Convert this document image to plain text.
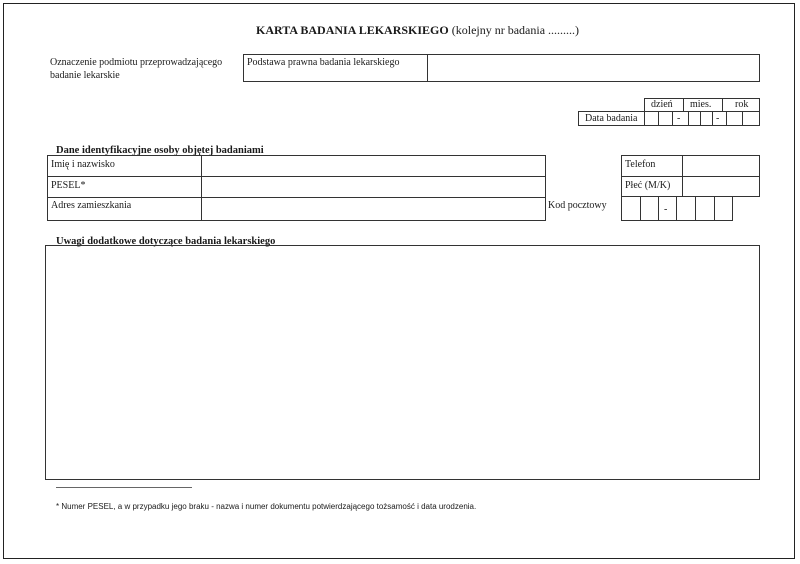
KARTA BADANIA LEKARSKIEGO (kolejny nr badania .........)
Oznaczenie podmiotu przeprowadzającego
badanie lekarskie
Podstawa prawna badania lekarskiego
dzień mies. rok
Data badania	-	-
Dane identyfikacyjne osoby objętej badaniami
Imię i nazwisko
PESEL*
Adres zamieszkania
Telefon
Płeć (M/K)
Kod pocztowy	-
Uwagi dodatkowe dotyczące badania lekarskiego
* Numer PESEL, a w przypadku jego braku - nazwa i numer dokumentu potwierdzającego tożsamość i data urodzenia.
